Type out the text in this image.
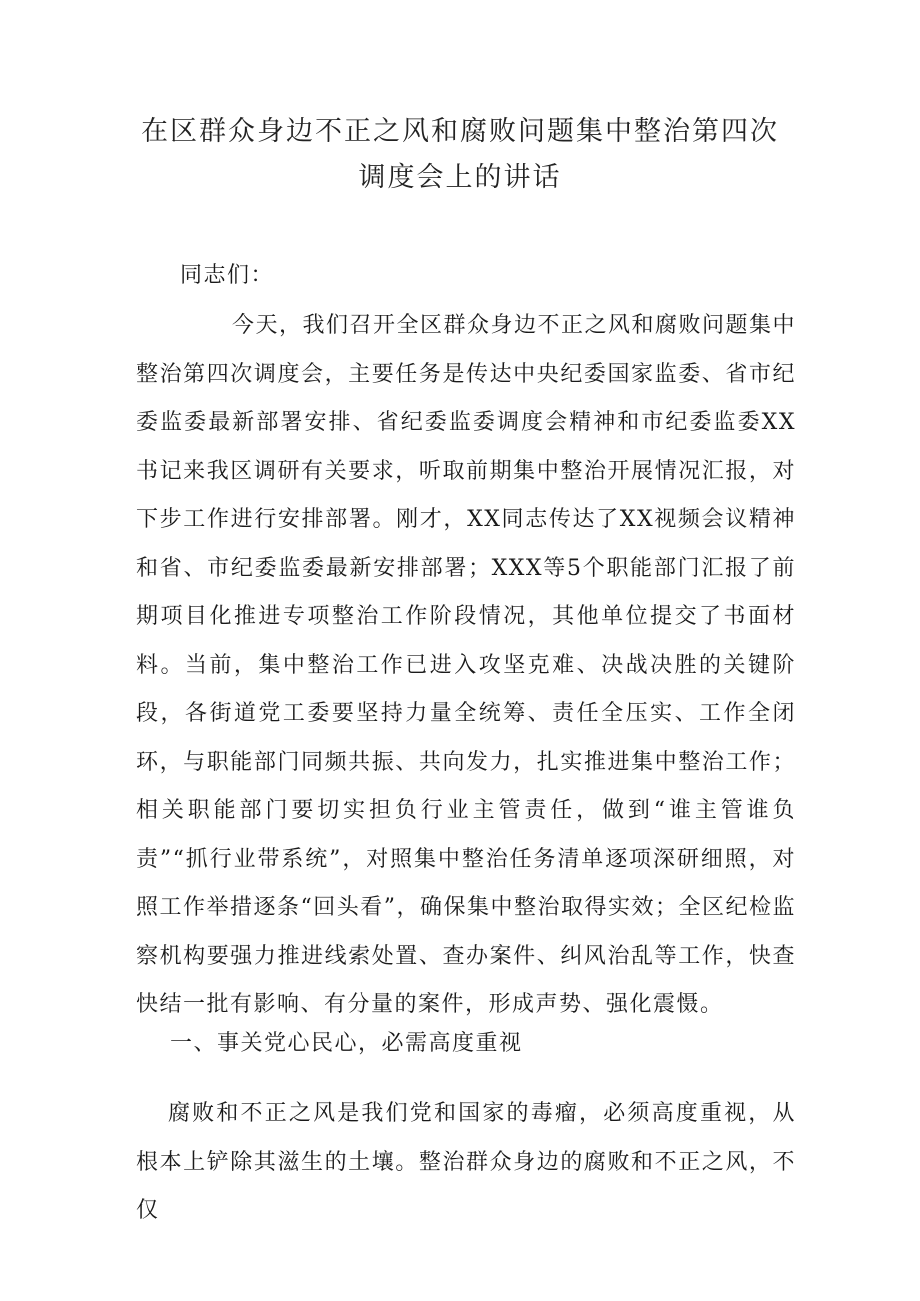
在区群众身边不正之风和腐败问题集中整治第四次
调度会上的讲话

同志们：

今天，我们召开全区群众身边不正之风和腐败问题集中整治第四次调度会，主要任务是传达中央纪委国家监委、省市纪委监委最新部署安排、省纪委监委调度会精神和市纪委监委XX书记来我区调研有关要求，听取前期集中整治开展情况汇报，对下步工作进行安排部署。刚才，XX同志传达了XX视频会议精神和省、市纪委监委最新安排部署；XXX等5个职能部门汇报了前期项目化推进专项整治工作阶段情况，其他单位提交了书面材料。当前，集中整治工作已进入攻坚克难、决战决胜的关键阶段，各街道党工委要坚持力量全统筹、责任全压实、工作全闭环，与职能部门同频共振、共向发力，扎实推进集中整治工作；相关职能部门要切实担负行业主管责任，做到“谁主管谁负责”“抓行业带系统”，对照集中整治任务清单逐项深研细照，对照工作举措逐条“回头看”，确保集中整治取得实效；全区纪检监察机构要强力推进线索处置、查办案件、纠风治乱等工作，快查快结一批有影响、有分量的案件，形成声势、强化震慑。

一、事关党心民心，必需高度重视

腐败和不正之风是我们党和国家的毒瘤，必须高度重视，从根本上铲除其滋生的土壤。整治群众身边的腐败和不正之风，不仅
